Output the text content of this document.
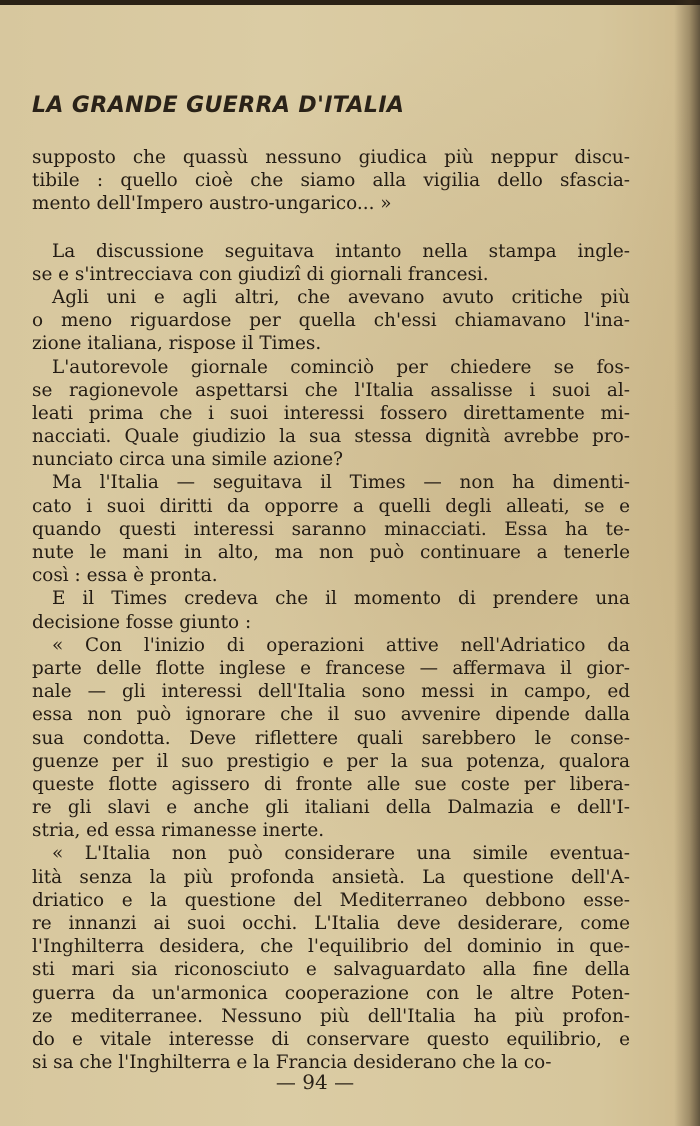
LA GRANDE GUERRA D'ITALIA
supposto che quassù nessuno giudica più neppur discu-
tibile : quello cioè che siamo alla vigilia dello sfascia-
mento dell'Impero austro-ungarico... »
La discussione seguitava intanto nella stampa ingle-
se e s'intrecciava con giudizî di giornali francesi.
Agli uni e agli altri, che avevano avuto critiche più
o meno riguardose per quella ch'essi chiamavano l'ina-
zione italiana, rispose il Times.
L'autorevole giornale cominciò per chiedere se fos-
se ragionevole aspettarsi che l'Italia assalisse i suoi al-
leati prima che i suoi interessi fossero direttamente mi-
nacciati. Quale giudizio la sua stessa dignità avrebbe pro-
nunciato circa una simile azione?
Ma l'Italia — seguitava il Times — non ha dimenti-
cato i suoi diritti da opporre a quelli degli alleati, se e
quando questi interessi saranno minacciati. Essa ha te-
nute le mani in alto, ma non può continuare a tenerle
così : essa è pronta.
E il Times credeva che il momento di prendere una
decisione fosse giunto :
« Con l'inizio di operazioni attive nell'Adriatico da
parte delle flotte inglese e francese — affermava il gior-
nale — gli interessi dell'Italia sono messi in campo, ed
essa non può ignorare che il suo avvenire dipende dalla
sua condotta. Deve riflettere quali sarebbero le conse-
guenze per il suo prestigio e per la sua potenza, qualora
queste flotte agissero di fronte alle sue coste per libera-
re gli slavi e anche gli italiani della Dalmazia e dell'I-
stria, ed essa rimanesse inerte.
« L'Italia non può considerare una simile eventua-
lità senza la più profonda ansietà. La questione dell'A-
driatico e la questione del Mediterraneo debbono esse-
re innanzi ai suoi occhi. L'Italia deve desiderare, come
l'Inghilterra desidera, che l'equilibrio del dominio in que-
sti mari sia riconosciuto e salvaguardato alla fine della
guerra da un'armonica cooperazione con le altre Poten-
ze mediterranee. Nessuno più dell'Italia ha più profon-
do e vitale interesse di conservare questo equilibrio, e
si sa che l'Inghilterra e la Francia desiderano che la co-
— 94 —
